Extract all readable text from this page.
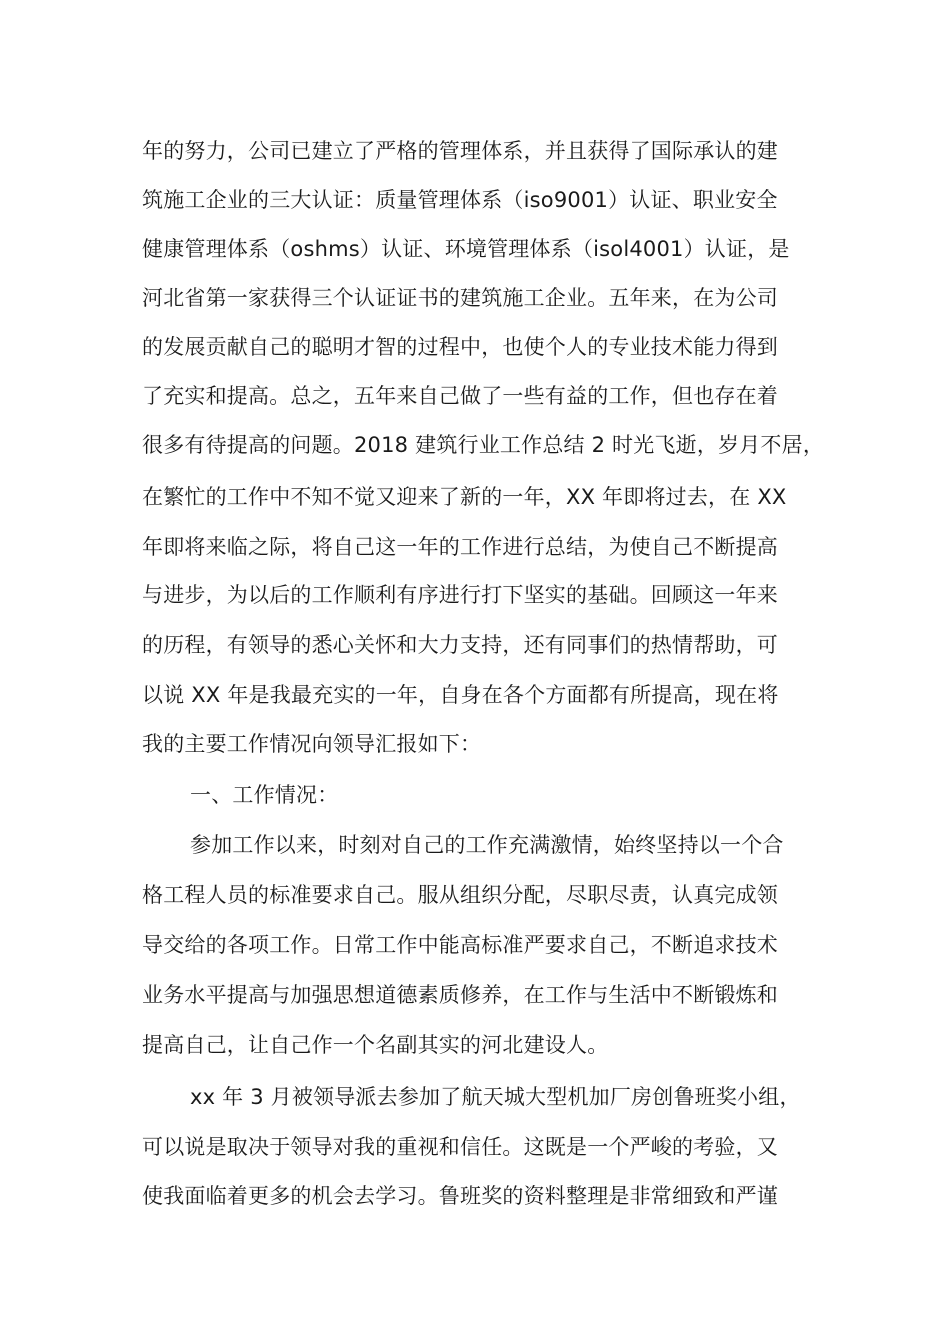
年的努力，公司已建立了严格的管理体系，并且获得了国际承认的建
筑施工企业的三大认证：质量管理体系（iso9001）认证、职业安全
健康管理体系（oshms）认证、环境管理体系（isol4001）认证，是
河北省第一家获得三个认证证书的建筑施工企业。五年来，在为公司
的发展贡献自己的聪明才智的过程中，也使个人的专业技术能力得到
了充实和提高。总之，五年来自己做了一些有益的工作，但也存在着
很多有待提高的问题。2018 建筑行业工作总结 2 时光飞逝，岁月不居，
在繁忙的工作中不知不觉又迎来了新的一年，XX 年即将过去，在 XX
年即将来临之际，将自己这一年的工作进行总结，为使自己不断提高
与进步，为以后的工作顺利有序进行打下坚实的基础。回顾这一年来
的历程，有领导的悉心关怀和大力支持，还有同事们的热情帮助，可
以说 XX 年是我最充实的一年，自身在各个方面都有所提高，现在将
我的主要工作情况向领导汇报如下：
一、工作情况：
参加工作以来，时刻对自己的工作充满激情，始终坚持以一个合
格工程人员的标准要求自己。服从组织分配，尽职尽责，认真完成领
导交给的各项工作。日常工作中能高标准严要求自己，不断追求技术
业务水平提高与加强思想道德素质修养，在工作与生活中不断锻炼和
提高自己，让自己作一个名副其实的河北建设人。
xx 年 3 月被领导派去参加了航天城大型机加厂房创鲁班奖小组，
可以说是取决于领导对我的重视和信任。这既是一个严峻的考验，又
使我面临着更多的机会去学习。鲁班奖的资料整理是非常细致和严谨
